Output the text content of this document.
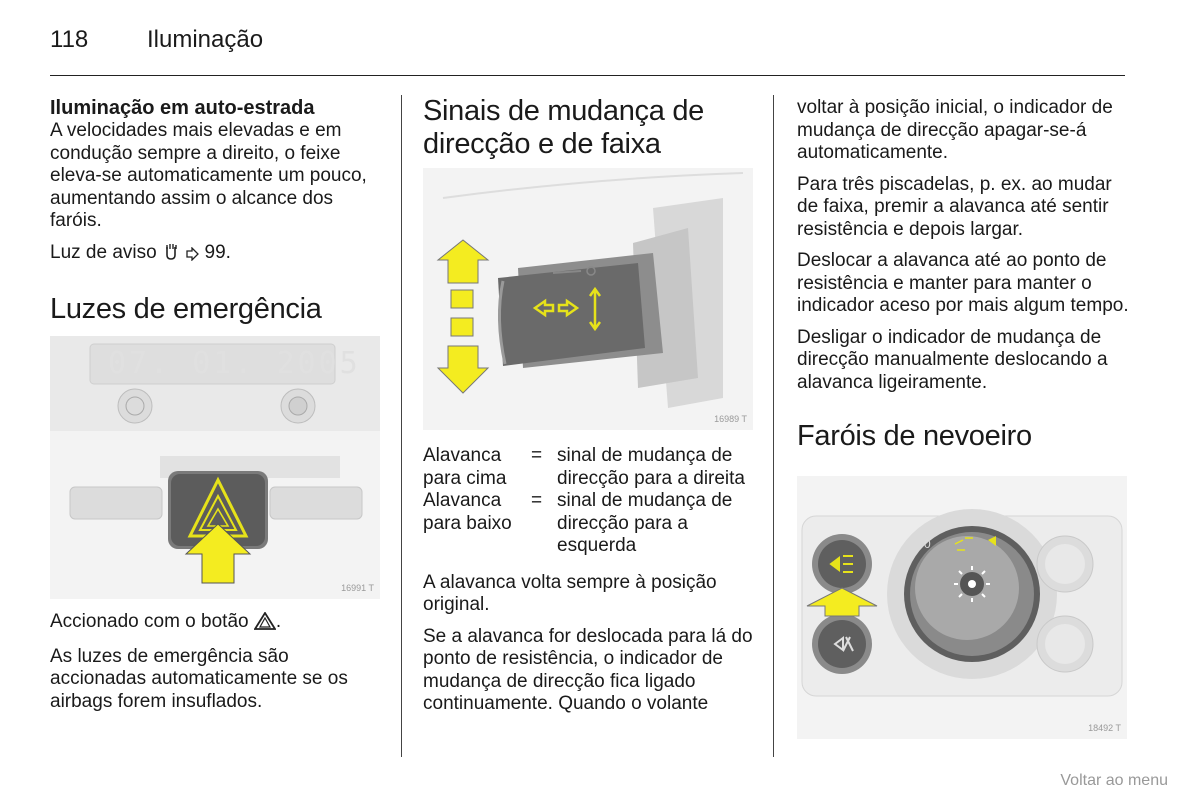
118 Iluminação
Iluminação em auto-estrada

A velocidades mais elevadas e em condução sempre a direito, o feixe eleva-se automaticamente um pouco, aumentando assim o alcance dos faróis.

Luz de aviso	99.

Luzes de emergência
16991 T
07. 01. 2005

Accionado com o botão .

As luzes de emergência são accionadas automaticamente se os airbags forem insuflados.

Sinais de mudança de
direcção e de faixa
16989 T
Alavanca para cima	=	sinal de mudança de direcção para a direita
Alavanca para baixo	=	sinal de mudança de direcção para a esquerda

A alavanca volta sempre à posição original.

Se a alavanca for deslocada para lá do ponto de resistência, o indicador de mudança de direcção fica ligado continuamente. Quando o volante

voltar à posição inicial, o indicador de mudança de direcção apagar-se-á automaticamente.

Para três piscadelas, p. ex. ao mudar de faixa, premir a alavanca até sentir resistência e depois largar.

Deslocar a alavanca até ao ponto de resistência e manter para manter o indicador aceso por mais algum tempo.

Desligar o indicador de mudança de direcção manualmente deslocando a alavanca ligeiramente.

Faróis de nevoeiro
0
18492 T
Voltar ao menu
